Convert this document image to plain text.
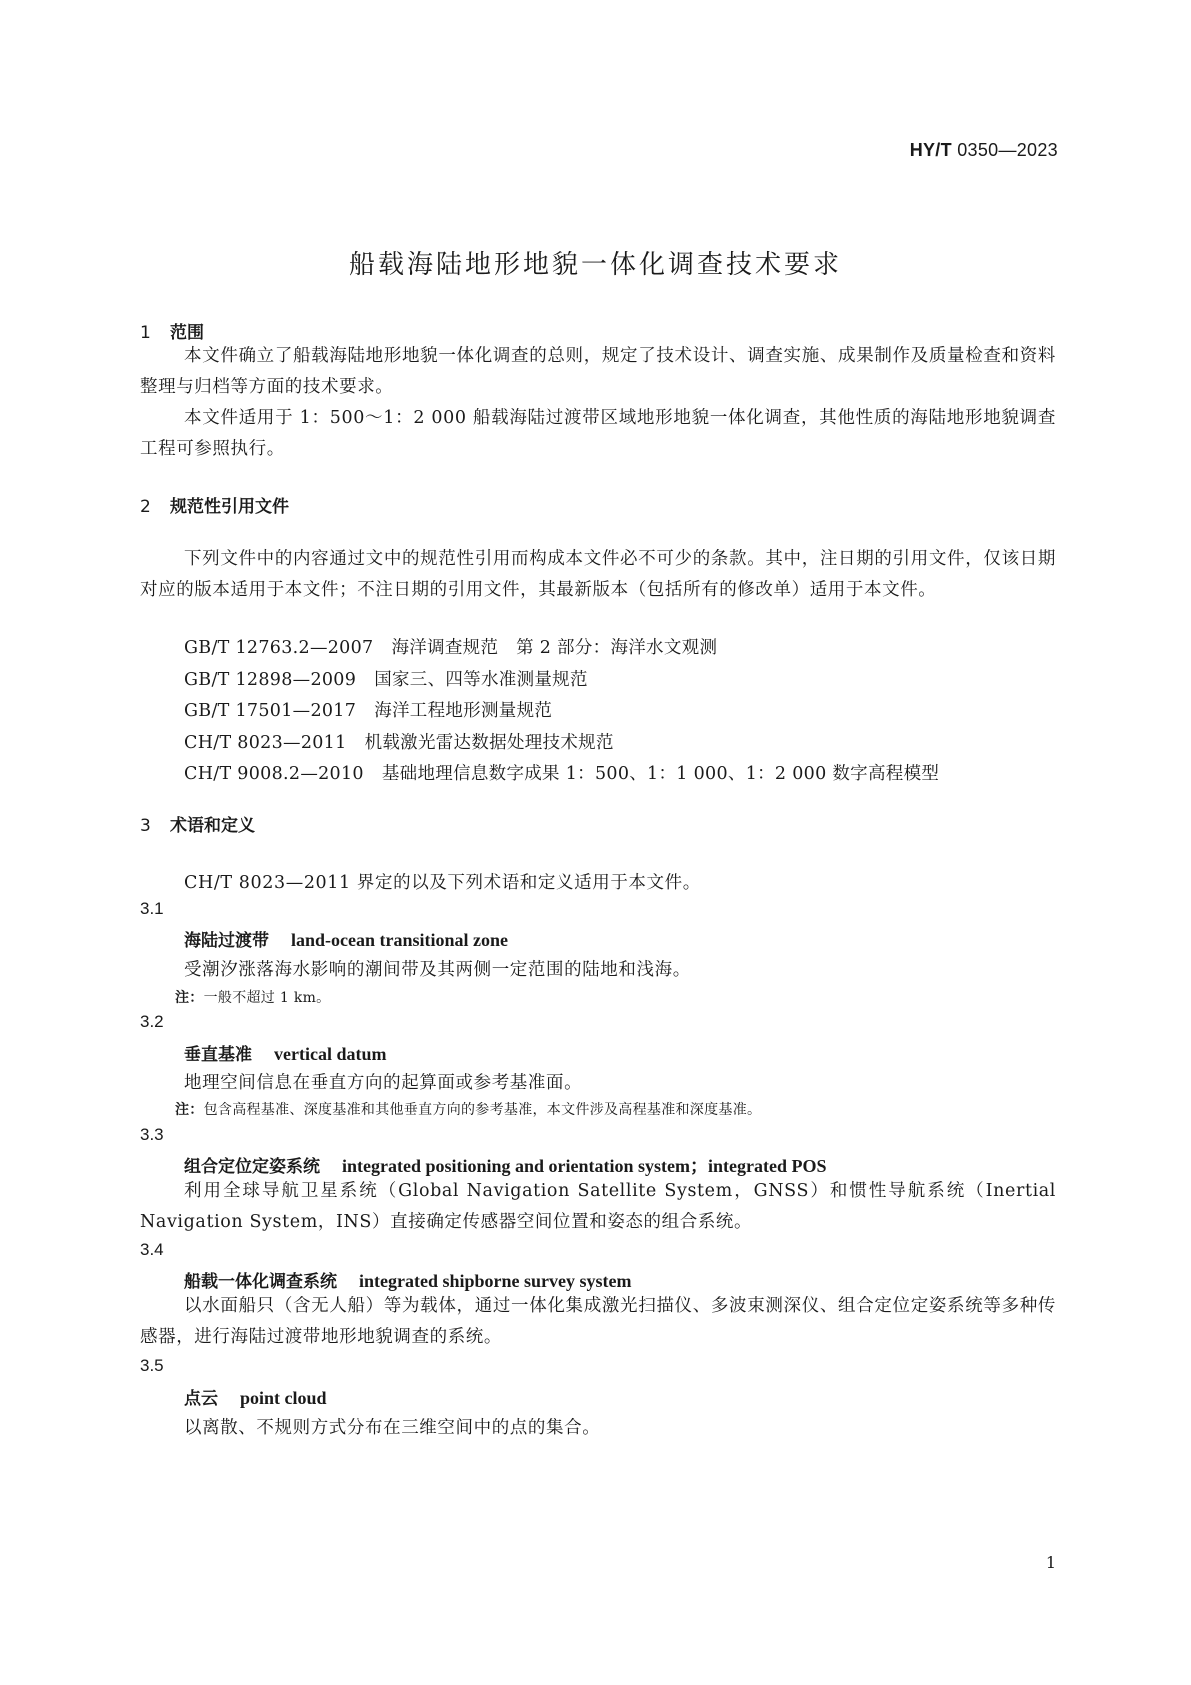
HY/T 0350—2023
船载海陆地形地貌一体化调查技术要求
1 范围
本文件确立了船载海陆地形地貌一体化调查的总则，规定了技术设计、调查实施、成果制作及质量检查和资料整理与归档等方面的技术要求。
本文件适用于 1：500～1：2 000 船载海陆过渡带区域地形地貌一体化调查，其他性质的海陆地形地貌调查工程可参照执行。
2 规范性引用文件
下列文件中的内容通过文中的规范性引用而构成本文件必不可少的条款。其中，注日期的引用文件，仅该日期对应的版本适用于本文件；不注日期的引用文件，其最新版本（包括所有的修改单）适用于本文件。
GB/T 12763.2—2007 海洋调查规范　第 2 部分：海洋水文观测
GB/T 12898—2009 国家三、四等水准测量规范
GB/T 17501—2017 海洋工程地形测量规范
CH/T 8023—2011 机载激光雷达数据处理技术规范
CH/T 9008.2—2010 基础地理信息数字成果 1：500、1：1 000、1：2 000 数字高程模型
3 术语和定义
CH/T 8023—2011 界定的以及下列术语和定义适用于本文件。
3.1
海陆过渡带 land-ocean transitional zone
受潮汐涨落海水影响的潮间带及其两侧一定范围的陆地和浅海。
注：一般不超过 1 km。
3.2
垂直基准 vertical datum
地理空间信息在垂直方向的起算面或参考基准面。
注：包含高程基准、深度基准和其他垂直方向的参考基准，本文件涉及高程基准和深度基准。
3.3
组合定位定姿系统 integrated positioning and orientation system；integrated POS
利用全球导航卫星系统（Global Navigation Satellite System，GNSS）和惯性导航系统（Inertial Navigation System，INS）直接确定传感器空间位置和姿态的组合系统。
3.4
船载一体化调查系统 integrated shipborne survey system
以水面船只（含无人船）等为载体，通过一体化集成激光扫描仪、多波束测深仪、组合定位定姿系统等多种传感器，进行海陆过渡带地形地貌调查的系统。
3.5
点云 point cloud
以离散、不规则方式分布在三维空间中的点的集合。
1
